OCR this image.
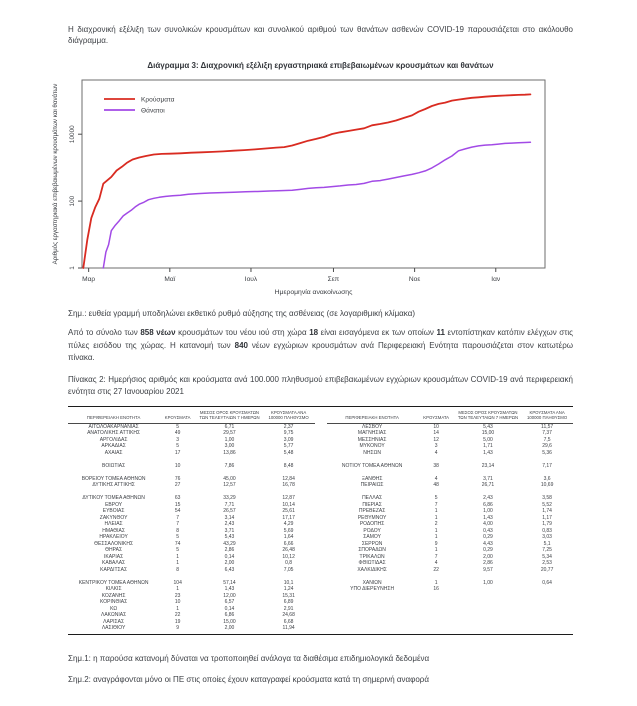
Η διαχρονική εξέλιξη των συνολικών κρουσμάτων και συνολικού αριθμού των θανάτων ασθενών COVID-19 παρουσιάζεται στο ακόλουθο διάγραμμα.
Διάγραμμα 3: Διαχρονική εξέλιξη εργαστηριακά επιβεβαιωμένων κρουσμάτων και θανάτων
1
100
10000
Μαρ	Μαϊ	Ιουλ	Σεπ	Νοε	Ιαν
Αριθμός εργαστηριακά επιβεβαιωμένων κρουσμάτων και θανάτων
Ημερομηνία ανακοίνωσης
Κρούσματα
Θάνατοι
Σημ.: ευθεία γραμμή υποδηλώνει εκθετικό ρυθμό αύξησης της ασθένειας (σε λογαριθμική κλίμακα)
Από το σύνολο των 858 νέων κρουσμάτων του νέου ιού στη χώρα 18 είναι εισαγόμενα εκ των οποίων 11 εντοπίστηκαν κατόπιν ελέγχων στις πύλες εισόδου της χώρας. Η κατανομή των 840 νέων εγχώριων κρουσμάτων ανά Περιφερειακή Ενότητα παρουσιάζεται στον κατωτέρω πίνακα.
Πίνακας 2: Ημερήσιος αριθμός και κρούσματα ανά 100.000 πληθυσμού επιβεβαιωμένων εγχώριων κρουσμάτων COVID-19 ανά περιφερειακή ενότητα στις 27 Ιανουαρίου 2021
ΠΕΡΙΦΕΡΕΙΑΚΗ ΕΝΟΤΗΤΑ	ΚΡΟΥΣΜΑΤΑ	ΜΕΣΟΣ ΟΡΟΣ ΚΡΟΥΣΜΑΤΩΝ ΤΩΝ ΤΕΛΕΥΤΑΙΩΝ 7 ΗΜΕΡΩΝ	ΚΡΟΥΣΜΑΤΑ ΑΝΑ 100000 ΠΛΗΘΥΣΜΟ
ΑΙΤΩΛΟΑΚΑΡΝΑΝΙΑΣ	5	6,71	2,37
ΑΝΑΤΟΛΙΚΗΣ ΑΤΤΙΚΗΣ	49	29,57	9,75
ΑΡΓΟΛΙΔΑΣ	3	1,00	3,09
ΑΡΚΑΔΙΑΣ	5	3,00	5,77
ΑΧΑΪΑΣ	17	13,86	5,48

ΒΟΙΩΤΙΑΣ	10	7,86	8,48

ΒΟΡΕΙΟΥ ΤΟΜΕΑ ΑΘΗΝΩΝ	76	45,00	12,84
ΔΥΤΙΚΗΣ ΑΤΤΙΚΗΣ	27	12,57	16,78

ΔΥΤΙΚΟΥ ΤΟΜΕΑ ΑΘΗΝΩΝ	63	33,29	12,87
ΕΒΡΟΥ	15	7,71	10,14
ΕΥΒΟΙΑΣ	54	26,57	25,61
ΖΑΚΥΝΘΟΥ	7	3,14	17,17
ΗΛΕΙΑΣ	7	2,43	4,29
ΗΜΑΘΙΑΣ	8	3,71	5,69
ΗΡΑΚΛΕΙΟΥ	5	5,43	1,64
ΘΕΣΣΑΛΟΝΙΚΗΣ	74	43,29	6,66
ΘΗΡΑΣ	5	2,86	26,48
ΙΚΑΡΙΑΣ	1	0,14	10,12
ΚΑΒΑΛΑΣ	1	2,00	0,8
ΚΑΡΔΙΤΣΑΣ	8	6,43	7,05

ΚΕΝΤΡΙΚΟΥ ΤΟΜΕΑ ΑΘΗΝΩΝ	104	57,14	10,1
ΚΙΛΚΙΣ	1	1,43	1,24
ΚΟΖΑΝΗΣ	23	12,00	15,31
ΚΟΡΙΝΘΙΑΣ	10	6,57	6,89
ΚΩ	1	0,14	2,91
ΛΑΚΩΝΙΑΣ	22	6,86	24,68
ΛΑΡΙΣΑΣ	19	15,00	6,68
ΛΑΣΙΘΙΟΥ	9	2,00	11,94
ΠΕΡΙΦΕΡΕΙΑΚΗ ΕΝΟΤΗΤΑ	ΚΡΟΥΣΜΑΤΑ	ΜΕΣΟΣ ΟΡΟΣ ΚΡΟΥΣΜΑΤΩΝ ΤΩΝ ΤΕΛΕΥΤΑΙΩΝ 7 ΗΜΕΡΩΝ	ΚΡΟΥΣΜΑΤΑ ΑΝΑ 100000 ΠΛΗΘΥΣΜΟ
ΛΕΣΒΟΥ	10	5,43	11,57
ΜΑΓΝΗΣΙΑΣ	14	15,00	7,37
ΜΕΣΣΗΝΙΑΣ	12	5,00	7,5
ΜΥΚΟΝΟΥ	3	1,71	29,6
ΝΗΣΩΝ	4	1,43	5,36

ΝΟΤΙΟΥ ΤΟΜΕΑ ΑΘΗΝΩΝ	38	23,14	7,17

ΞΑΝΘΗΣ	4	3,71	3,6
ΠΕΙΡΑΙΩΣ	48	26,71	10,69

ΠΕΛΛΑΣ	5	2,43	3,58
ΠΙΕΡΙΑΣ	7	6,86	5,52
ΠΡΕΒΕΖΑΣ	1	1,00	1,74
ΡΕΘΥΜΝΟΥ	1	1,43	1,17
ΡΟΔΟΠΗΣ	2	4,00	1,79
ΡΟΔΟΥ	1	0,43	0,83
ΣΑΜΟΥ	1	0,29	3,03
ΣΕΡΡΩΝ	9	4,43	5,1
ΣΠΟΡΑΔΩΝ	1	0,29	7,25
ΤΡΙΚΑΛΩΝ	7	2,00	5,34
ΦΘΙΩΤΙΔΑΣ	4	2,86	2,53
ΧΑΛΚΙΔΙΚΗΣ	22	9,57	20,77

ΧΑΝΙΩΝ	1	1,00	0,64
ΥΠΟ ΔΙΕΡΕΥΝΗΣΗ	16		

Σημ.1: η παρούσα κατανομή δύναται να τροποποιηθεί ανάλογα τα διαθέσιμα επιδημιολογικά δεδομένα
Σημ.2: αναγράφονται μόνο οι ΠΕ στις οποίες έχουν καταγραφεί κρούσματα κατά τη σημερινή αναφορά
